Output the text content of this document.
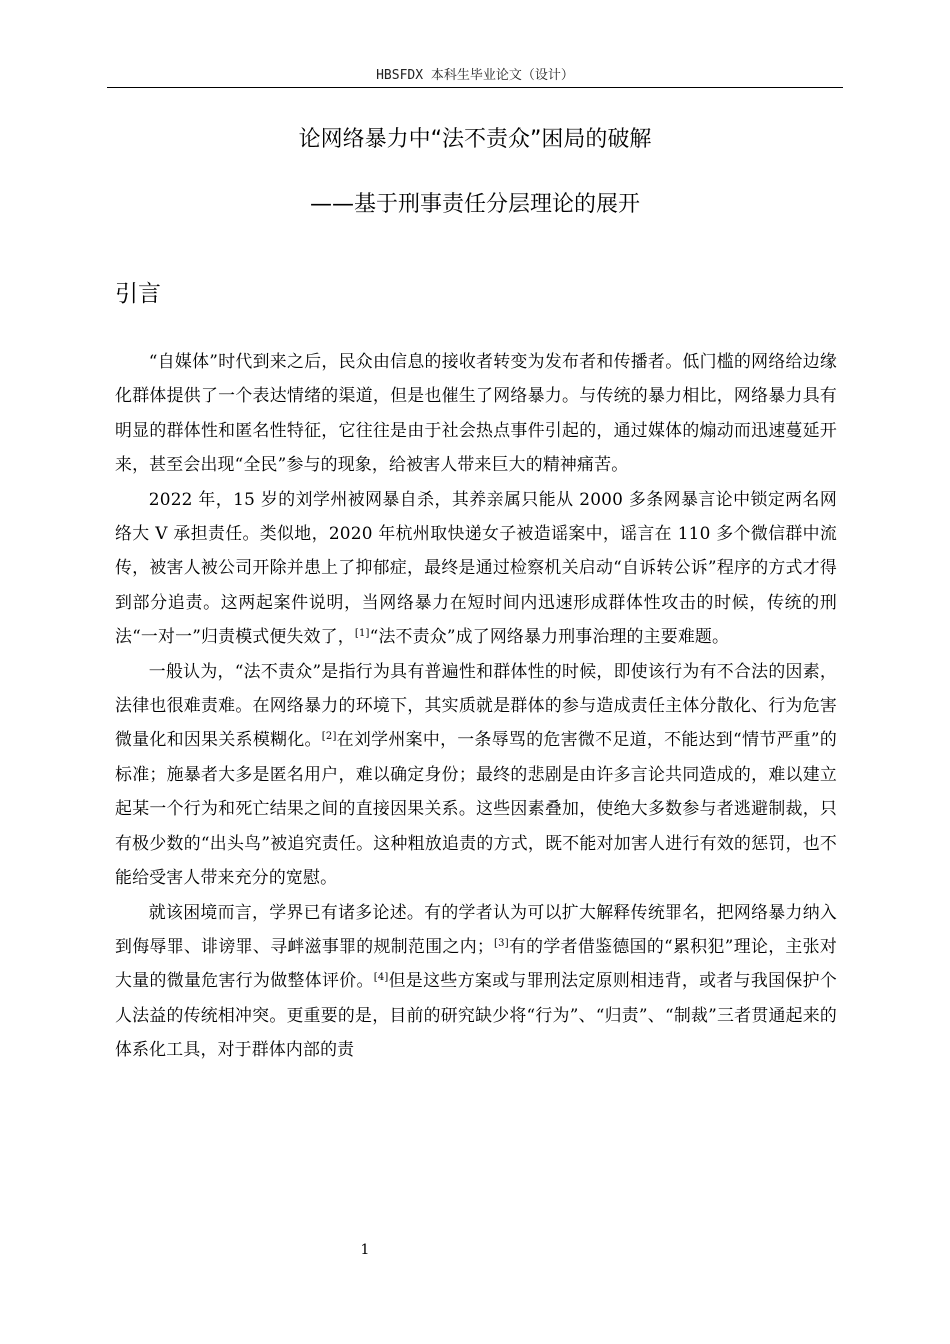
HBSFDX 本科生毕业论文（设计）
论网络暴力中“法不责众”困局的破解
——基于刑事责任分层理论的展开
引言

“自媒体”时代到来之后，民众由信息的接收者转变为发布者和传播者。低门槛的网络给边缘化群体提供了一个表达情绪的渠道，但是也催生了网络暴力。与传统的暴力相比，网络暴力具有明显的群体性和匿名性特征，它往往是由于社会热点事件引起的，通过媒体的煽动而迅速蔓延开来，甚至会出现“全民”参与的现象，给被害人带来巨大的精神痛苦。

2022 年，15 岁的刘学州被网暴自杀，其养亲属只能从 2000 多条网暴言论中锁定两名网络大 V 承担责任。类似地，2020 年杭州取快递女子被造谣案中，谣言在 110 多个微信群中流传，被害人被公司开除并患上了抑郁症，最终是通过检察机关启动“自诉转公诉”程序的方式才得到部分追责。这两起案件说明，当网络暴力在短时间内迅速形成群体性攻击的时候，传统的刑法“一对一”归责模式便失效了，[1]“法不责众”成了网络暴力刑事治理的主要难题。

一般认为，“法不责众”是指行为具有普遍性和群体性的时候，即使该行为有不合法的因素，法律也很难责难。在网络暴力的环境下，其实质就是群体的参与造成责任主体分散化、行为危害微量化和因果关系模糊化。[2]在刘学州案中，一条辱骂的危害微不足道，不能达到“情节严重”的标准；施暴者大多是匿名用户，难以确定身份；最终的悲剧是由许多言论共同造成的，难以建立起某一个行为和死亡结果之间的直接因果关系。这些因素叠加，使绝大多数参与者逃避制裁，只有极少数的“出头鸟”被追究责任。这种粗放追责的方式，既不能对加害人进行有效的惩罚，也不能给受害人带来充分的宽慰。

就该困境而言，学界已有诸多论述。有的学者认为可以扩大解释传统罪名，把网络暴力纳入到侮辱罪、诽谤罪、寻衅滋事罪的规制范围之内；[3]有的学者借鉴德国的“累积犯”理论，主张对大量的微量危害行为做整体评价。[4]但是这些方案或与罪刑法定原则相违背，或者与我国保护个人法益的传统相冲突。更重要的是，目前的研究缺少将“行为”、“归责”、“制裁”三者贯通起来的体系化工具，对于群体内部的责

1
